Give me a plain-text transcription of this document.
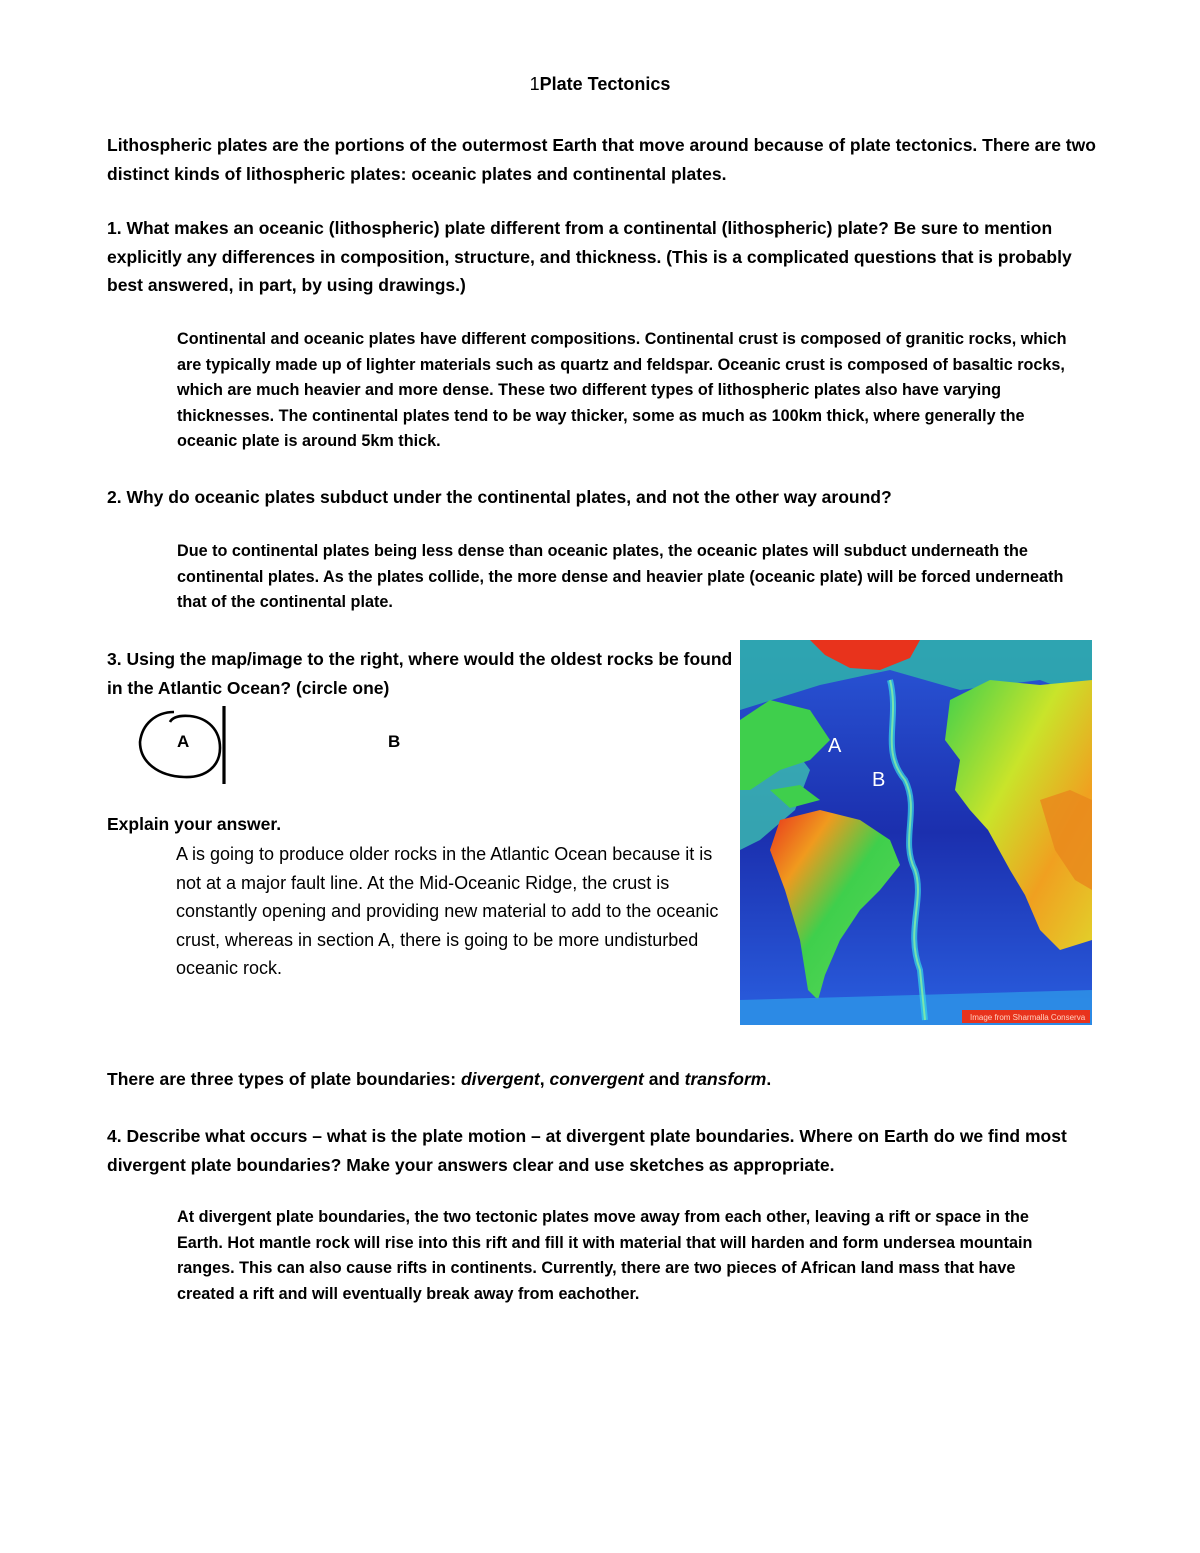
1Plate Tectonics
Lithospheric plates are the portions of the outermost Earth that move around because of plate tectonics. There are two distinct kinds of lithospheric plates: oceanic plates and continental plates.
1. What makes an oceanic (lithospheric) plate different from a continental (lithospheric) plate? Be sure to mention explicitly any differences in composition, structure, and thickness. (This is a complicated questions that is probably best answered, in part, by using drawings.)
Continental and oceanic plates have different compositions. Continental crust is composed of granitic rocks, which are typically made up of lighter materials such as quartz and feldspar. Oceanic crust is composed of basaltic rocks, which are much heavier and more dense. These two different types of lithospheric plates also have varying thicknesses. The continental plates tend to be way thicker, some as much as 100km thick, where generally the oceanic plate is around 5km thick.
2. Why do oceanic plates subduct under the continental plates, and not the other way around?
Due to continental plates being less dense than oceanic plates, the oceanic plates will subduct underneath the continental plates. As the plates collide, the more dense and heavier plate (oceanic plate) will be forced underneath that of the continental plate.
3. Using the map/image to the right, where would the oldest rocks be found in the Atlantic Ocean? (circle one)
A	B
Explain your answer.
A is going to produce older rocks in the Atlantic Ocean because it is not at a major fault line. At the Mid-Oceanic Ridge, the crust is constantly opening and providing new material to add to the oceanic crust, whereas in section A, there is going to be more undisturbed oceanic rock.
A
B
Image from Sharmalla Conserva
There are three types of plate boundaries: divergent, convergent and transform.
4. Describe what occurs – what is the plate motion – at divergent plate boundaries. Where on Earth do we find most divergent plate boundaries? Make your answers clear and use sketches as appropriate.
At divergent plate boundaries, the two tectonic plates move away from each other, leaving a rift or space in the Earth. Hot mantle rock will rise into this rift and fill it with material that will harden and form undersea mountain ranges. This can also cause rifts in continents. Currently, there are two pieces of African land mass that have created a rift and will eventually break away from eachother.
